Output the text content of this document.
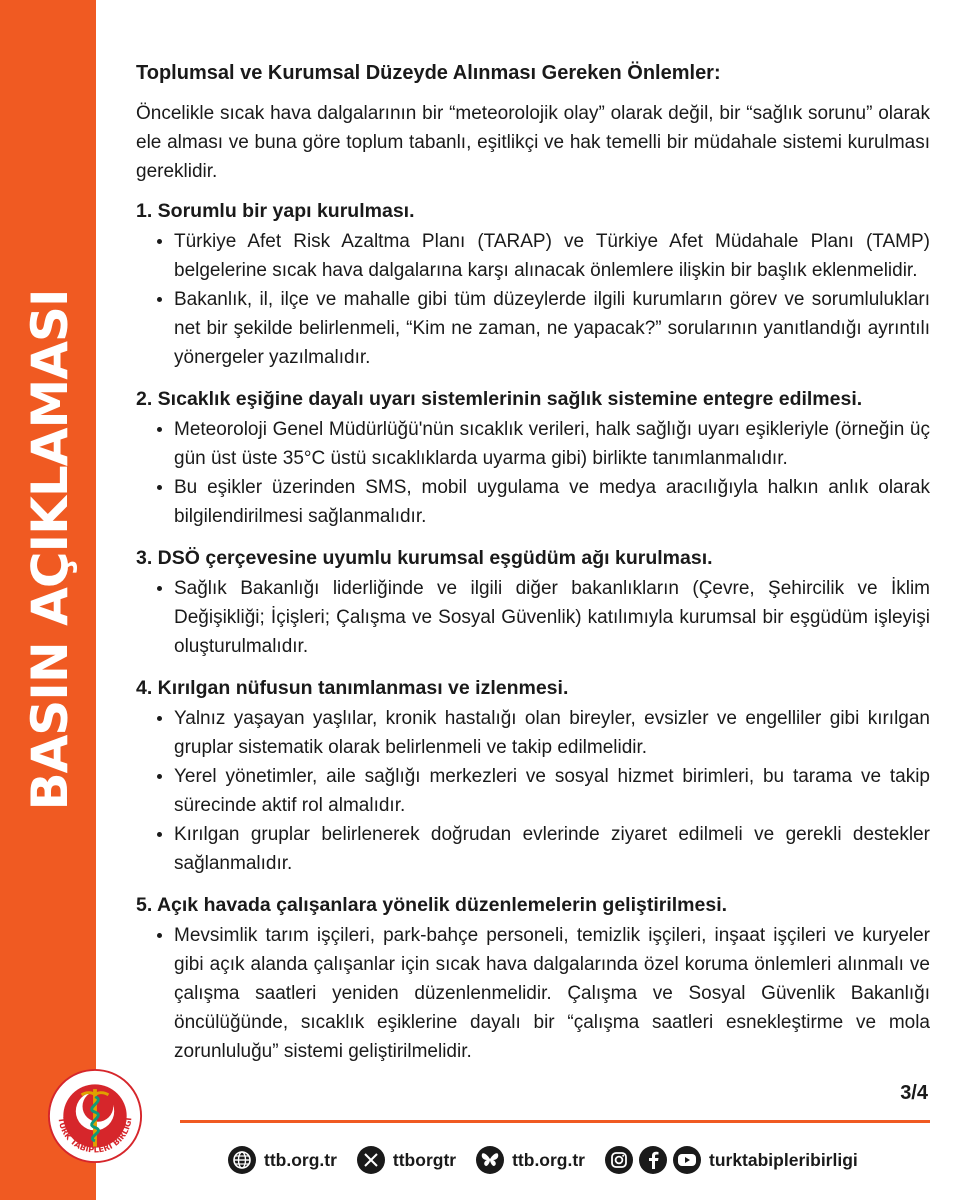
BASIN AÇIKLAMASI
Toplumsal ve Kurumsal Düzeyde Alınması Gereken Önlemler:

Öncelikle sıcak hava dalgalarının bir “meteorolojik olay” olarak değil, bir “sağlık sorunu” olarak ele alması ve buna göre toplum tabanlı, eşitlikçi ve hak temelli bir müdahale sistemi kurulması gereklidir.

1. Sorumlu bir yapı kurulması.
Türkiye Afet Risk Azaltma Planı (TARAP) ve Türkiye Afet Müdahale Planı (TAMP) belgelerine sıcak hava dalgalarına karşı alınacak önlemlere ilişkin bir başlık eklenmelidir.
Bakanlık, il, ilçe ve mahalle gibi tüm düzeylerde ilgili kurumların görev ve sorumlulukları net bir şekilde belirlenmeli, “Kim ne zaman, ne yapacak?” sorularının yanıtlandığı ayrıntılı yönergeler yazılmalıdır.
2. Sıcaklık eşiğine dayalı uyarı sistemlerinin sağlık sistemine entegre edilmesi.
Meteoroloji Genel Müdürlüğü'nün sıcaklık verileri, halk sağlığı uyarı eşikleriyle (örneğin üç gün üst üste 35°C üstü sıcaklıklarda uyarma gibi) birlikte tanımlanmalıdır.
Bu eşikler üzerinden SMS, mobil uygulama ve medya aracılığıyla halkın anlık olarak bilgilendirilmesi sağlanmalıdır.
3. DSÖ çerçevesine uyumlu kurumsal eşgüdüm ağı kurulması.
Sağlık Bakanlığı liderliğinde ve ilgili diğer bakanlıkların (Çevre, Şehircilik ve İklim Değişikliği; İçişleri; Çalışma ve Sosyal Güvenlik) katılımıyla kurumsal bir eşgüdüm işleyişi oluşturulmalıdır.
4. Kırılgan nüfusun tanımlanması ve izlenmesi.
Yalnız yaşayan yaşlılar, kronik hastalığı olan bireyler, evsizler ve engelliler gibi kırılgan gruplar sistematik olarak belirlenmeli ve takip edilmelidir.
Yerel yönetimler, aile sağlığı merkezleri ve sosyal hizmet birimleri, bu tarama ve takip sürecinde aktif rol almalıdır.
Kırılgan gruplar belirlenerek doğrudan evlerinde ziyaret edilmeli ve gerekli destekler sağlanmalıdır.
5. Açık havada çalışanlara yönelik düzenlemelerin geliştirilmesi.
Mevsimlik tarım işçileri, park-bahçe personeli, temizlik işçileri, inşaat işçileri ve kuryeler gibi açık alanda çalışanlar için sıcak hava dalgalarında özel koruma önlemleri alınmalı ve çalışma saatleri yeniden düzenlenmelidir. Çalışma ve Sosyal Güvenlik Bakanlığı öncülüğünde, sıcaklık eşiklerine dayalı bir “çalışma saatleri esnekleştirme ve mola zorunluluğu” sistemi geliştirilmelidir.
3/4
TÜRK TABİPLERİ BİRLİĞİ
ttb.org.tr	ttborgtr	ttb.org.tr	turktabipleribirligi
